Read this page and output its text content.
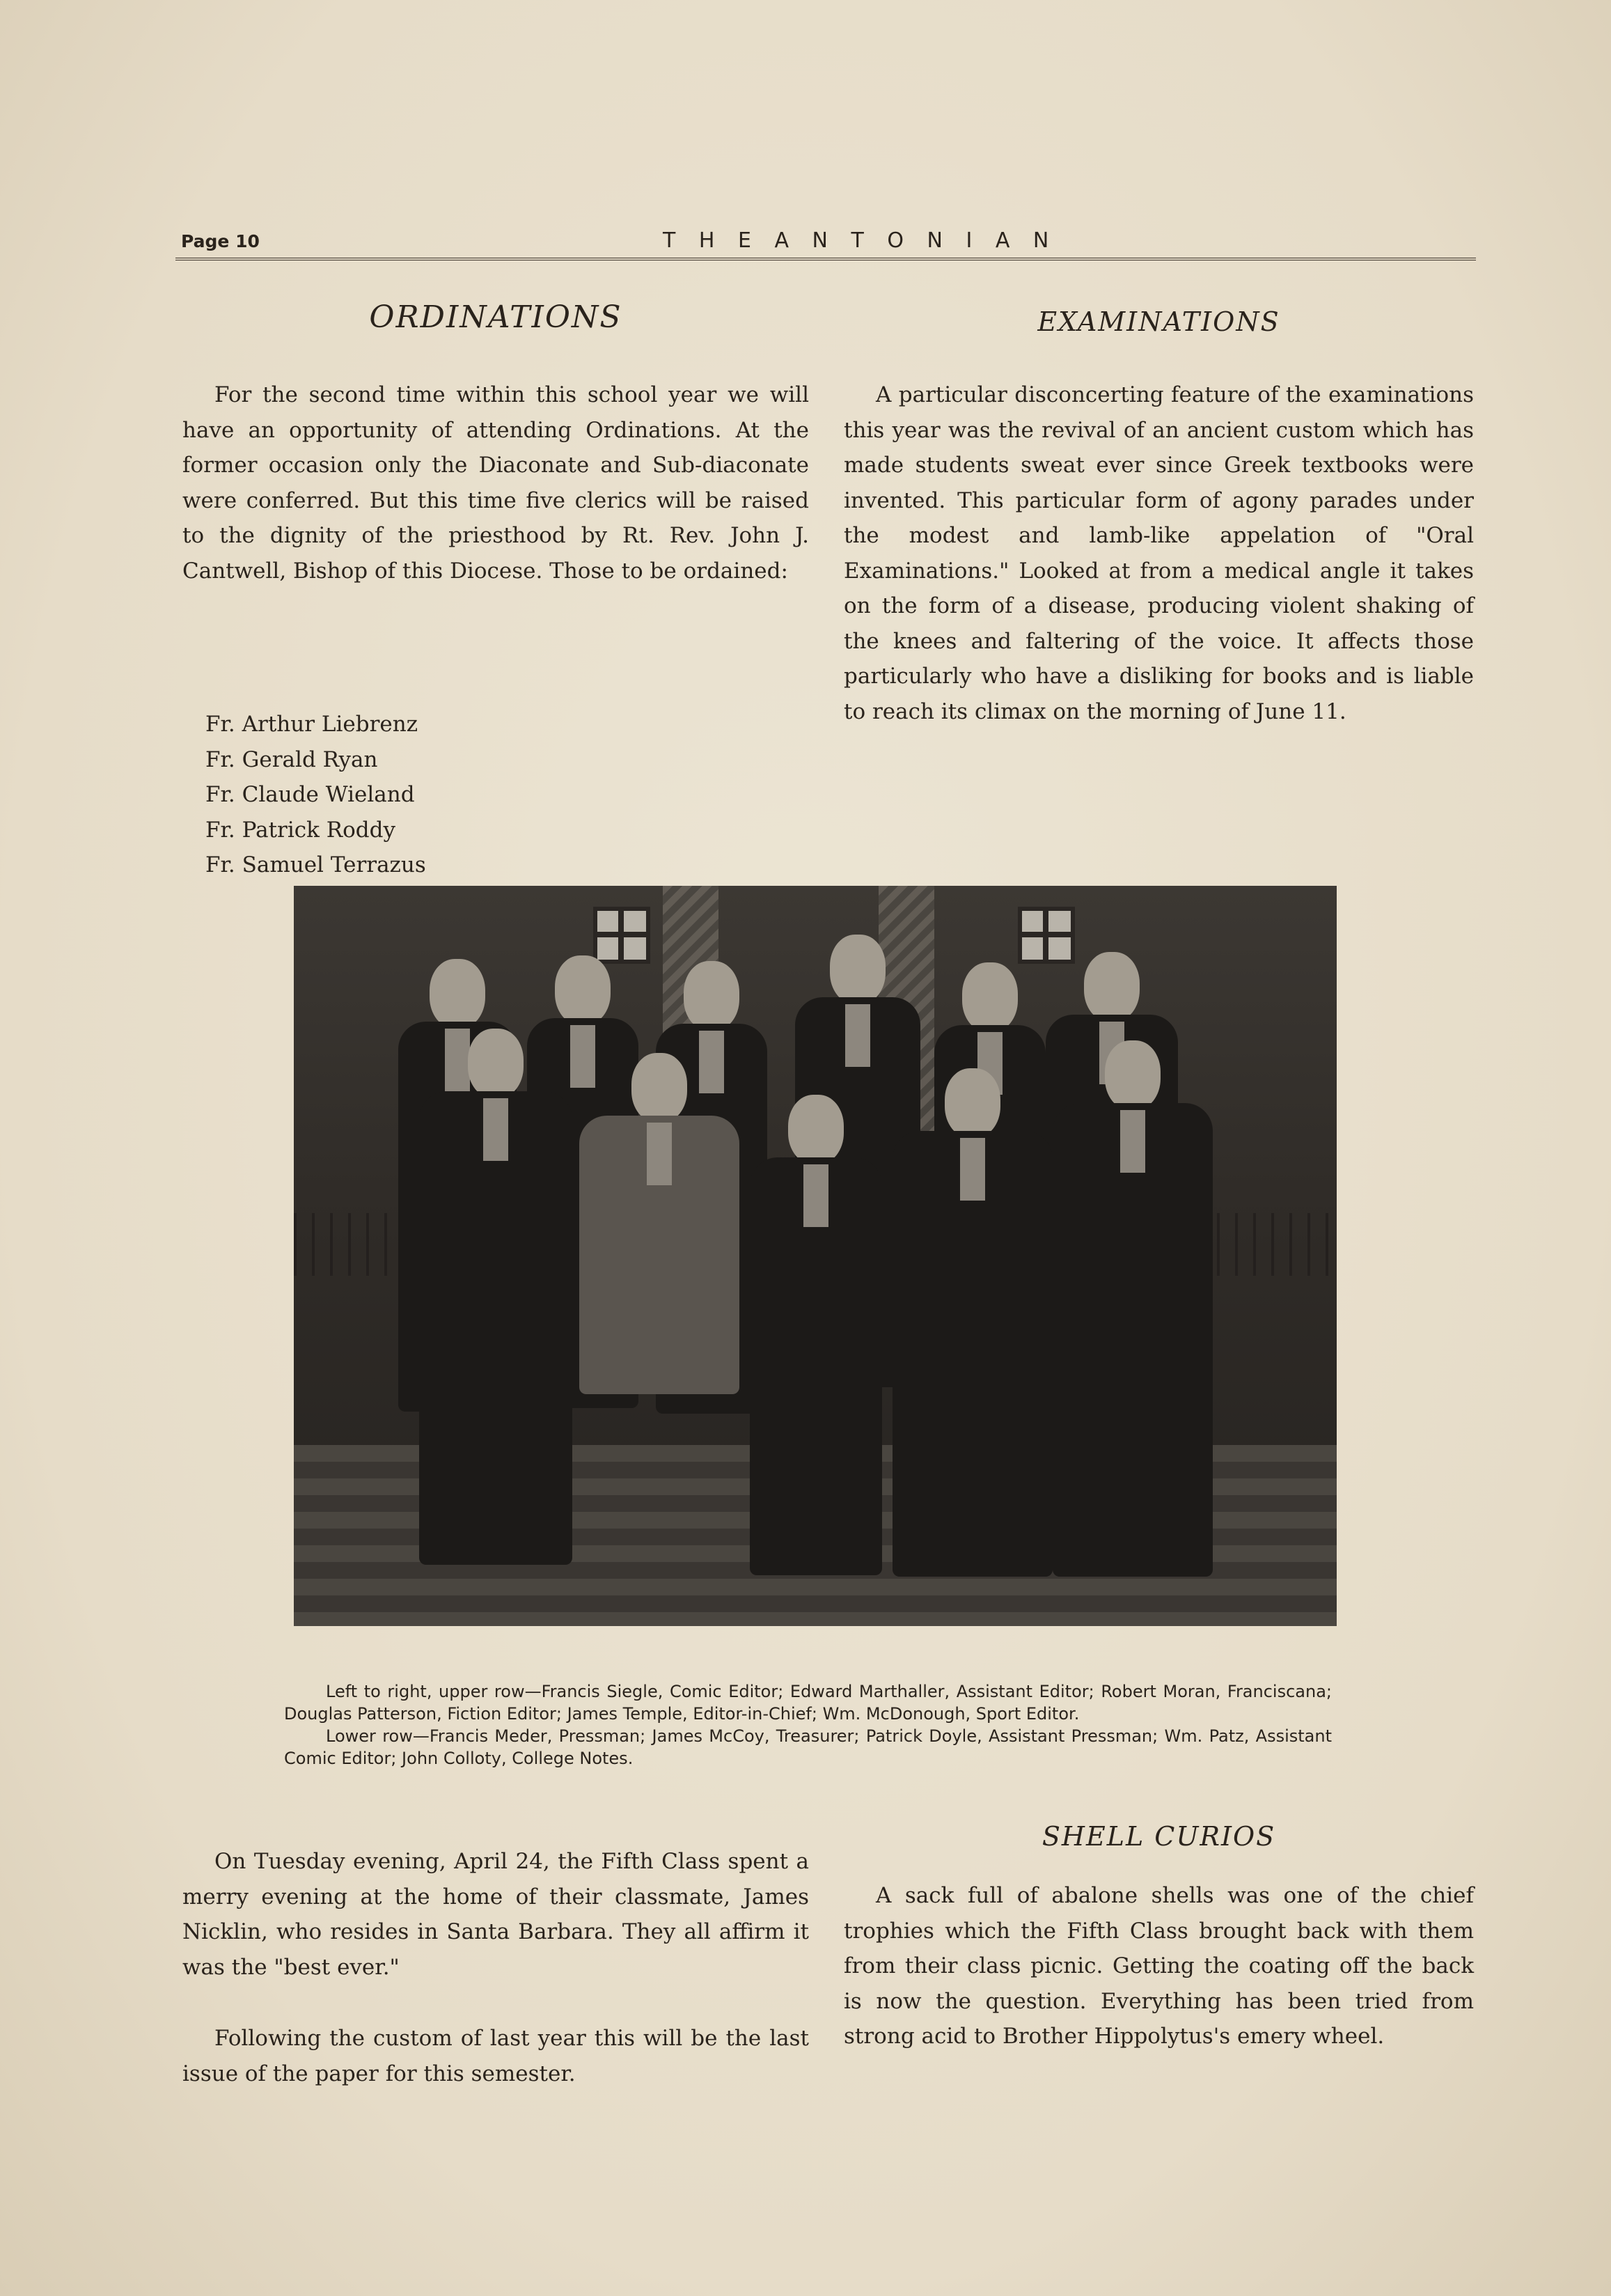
Page 10	T H E A N T O N I A N
ORDINATIONS

For the second time within this school year we will have an opportunity of attending Ordinations. At the former occasion only the Diaconate and Sub-diaconate were conferred. But this time five clerics will be raised to the dignity of the priesthood by Rt. Rev. John J. Cantwell, Bishop of this Diocese. Those to be ordained:

Fr. Arthur Liebrenz
Fr. Gerald Ryan
Fr. Claude Wieland
Fr. Patrick Roddy
Fr. Samuel Terrazus
EXAMINATIONS

A particular disconcerting feature of the examinations this year was the revival of an ancient custom which has made students sweat ever since Greek textbooks were invented. This particular form of agony parades under the modest and lamb-like appelation of "Oral Examinations." Looked at from a medical angle it takes on the form of a disease, producing violent shaking of the knees and faltering of the voice. It affects those particularly who have a disliking for books and is liable to reach its climax on the morning of June 11.

Left to right, upper row—Francis Siegle, Comic Editor; Edward Marthaller, Assistant Editor; Robert Moran, Franciscana; Douglas Patterson, Fiction Editor; James Temple, Editor-in-Chief; Wm. McDonough, Sport Editor.

Lower row—Francis Meder, Pressman; James McCoy, Treasurer; Patrick Doyle, Assistant Pressman; Wm. Patz, Assistant Comic Editor; John Colloty, College Notes.

On Tuesday evening, April 24, the Fifth Class spent a merry evening at the home of their classmate, James Nicklin, who resides in Santa Barbara. They all affirm it was the "best ever."

Following the custom of last year this will be the last issue of the paper for this semester.

SHELL CURIOS

A sack full of abalone shells was one of the chief trophies which the Fifth Class brought back with them from their class picnic. Getting the coating off the back is now the question. Everything has been tried from strong acid to Brother Hippolytus's emery wheel.
